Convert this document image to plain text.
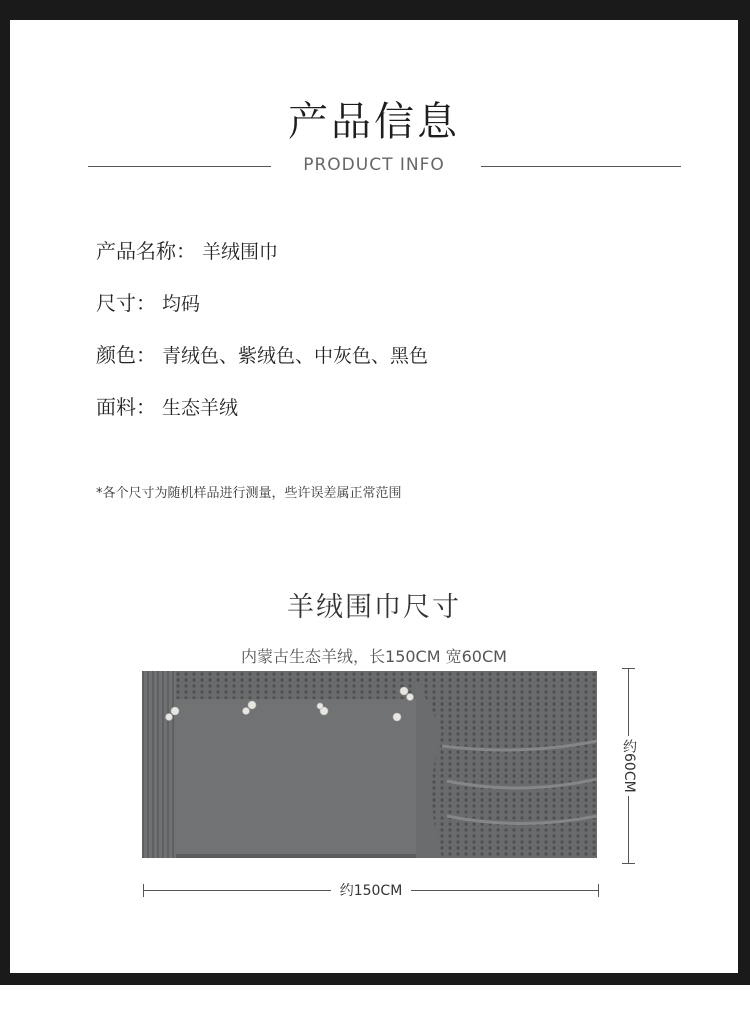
产品信息
PRODUCT INFO
产品名称： 羊绒围巾
尺寸： 均码
颜色： 青绒色、紫绒色、中灰色、黑色
面料： 生态羊绒
*各个尺寸为随机样品进行测量，些许误差属正常范围
羊绒围巾尺寸
内蒙古生态羊绒，长150CM 宽60CM
约60CM
约150CM
